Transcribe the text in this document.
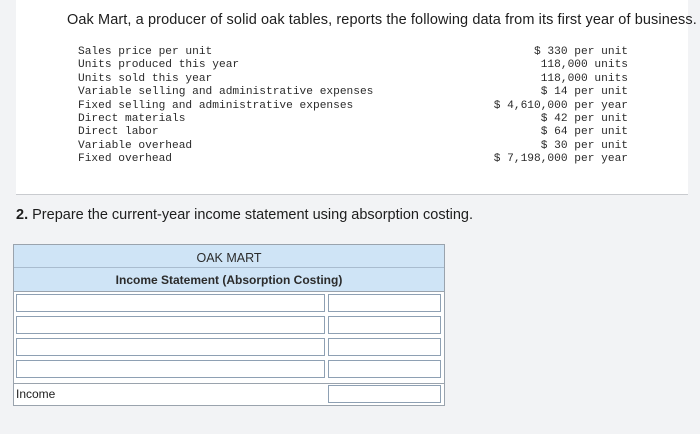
Oak Mart, a producer of solid oak tables, reports the following data from its first year of business.
Sales price per unit	$ 330 per unit
Units produced this year	118,000 units
Units sold this year	118,000 units
Variable selling and administrative expenses	$ 14 per unit
Fixed selling and administrative expenses	$ 4,610,000 per year
Direct materials	$ 42 per unit
Direct labor	$ 64 per unit
Variable overhead	$ 30 per unit
Fixed overhead	$ 7,198,000 per year
2. Prepare the current-year income statement using absorption costing.
OAK MART
Income Statement (Absorption Costing)
Income
